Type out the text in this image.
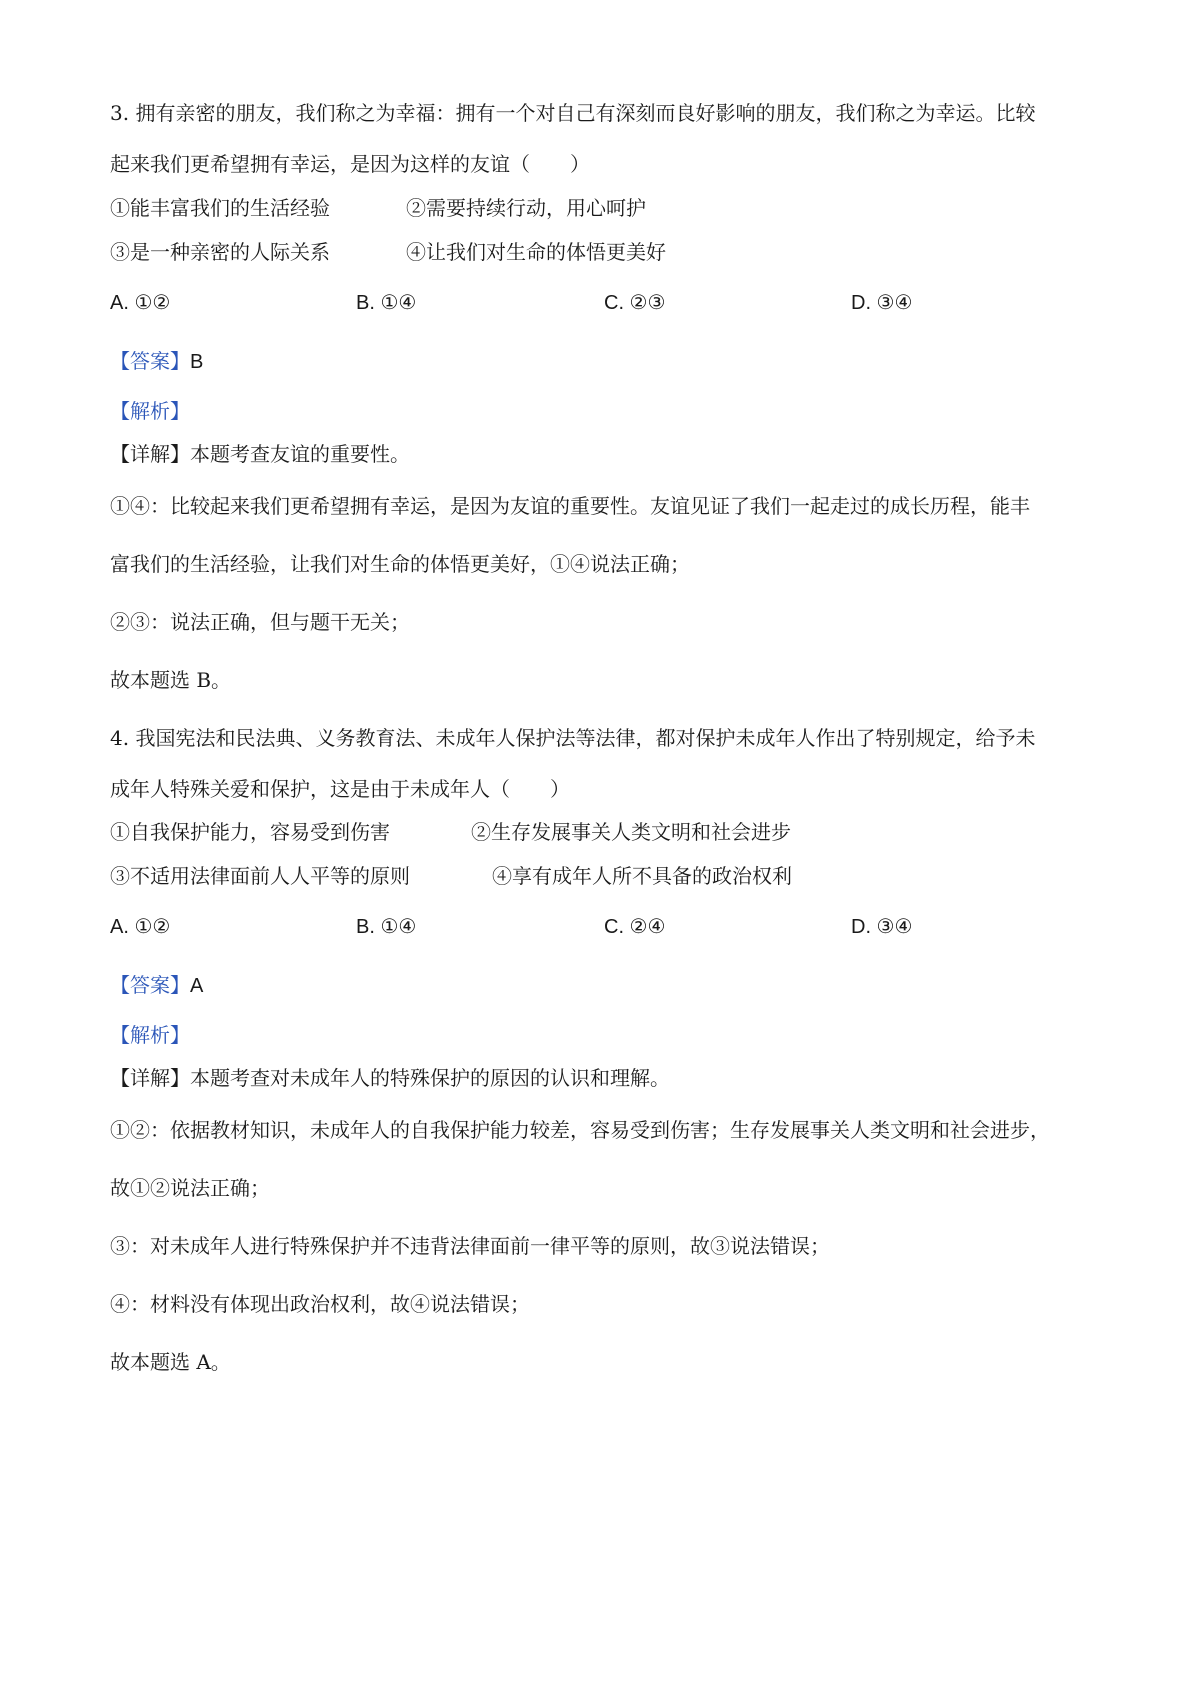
3. 拥有亲密的朋友，我们称之为幸福：拥有一个对自己有深刻而良好影响的朋友，我们称之为幸运。比较
起来我们更希望拥有幸运，是因为这样的友谊（　　）
①能丰富我们的生活经验	②需要持续行动，用心呵护
③是一种亲密的人际关系	④让我们对生命的体悟更美好
A. ①②	B. ①④	C. ②③	D. ③④
【答案】B
【解析】
【详解】本题考查友谊的重要性。
①④：比较起来我们更希望拥有幸运，是因为友谊的重要性。友谊见证了我们一起走过的成长历程，能丰
富我们的生活经验，让我们对生命的体悟更美好，①④说法正确；
②③：说法正确，但与题干无关；
故本题选 B。
4. 我国宪法和民法典、义务教育法、未成年人保护法等法律，都对保护未成年人作出了特别规定，给予未
成年人特殊关爱和保护，这是由于未成年人（　　）
①自我保护能力，容易受到伤害	②生存发展事关人类文明和社会进步
③不适用法律面前人人平等的原则	④享有成年人所不具备的政治权利
A. ①②	B. ①④	C. ②④	D. ③④
【答案】A
【解析】
【详解】本题考查对未成年人的特殊保护的原因的认识和理解。
①②：依据教材知识，未成年人的自我保护能力较差，容易受到伤害；生存发展事关人类文明和社会进步，
故①②说法正确；
③：对未成年人进行特殊保护并不违背法律面前一律平等的原则，故③说法错误；
④：材料没有体现出政治权利，故④说法错误；
故本题选 A。
